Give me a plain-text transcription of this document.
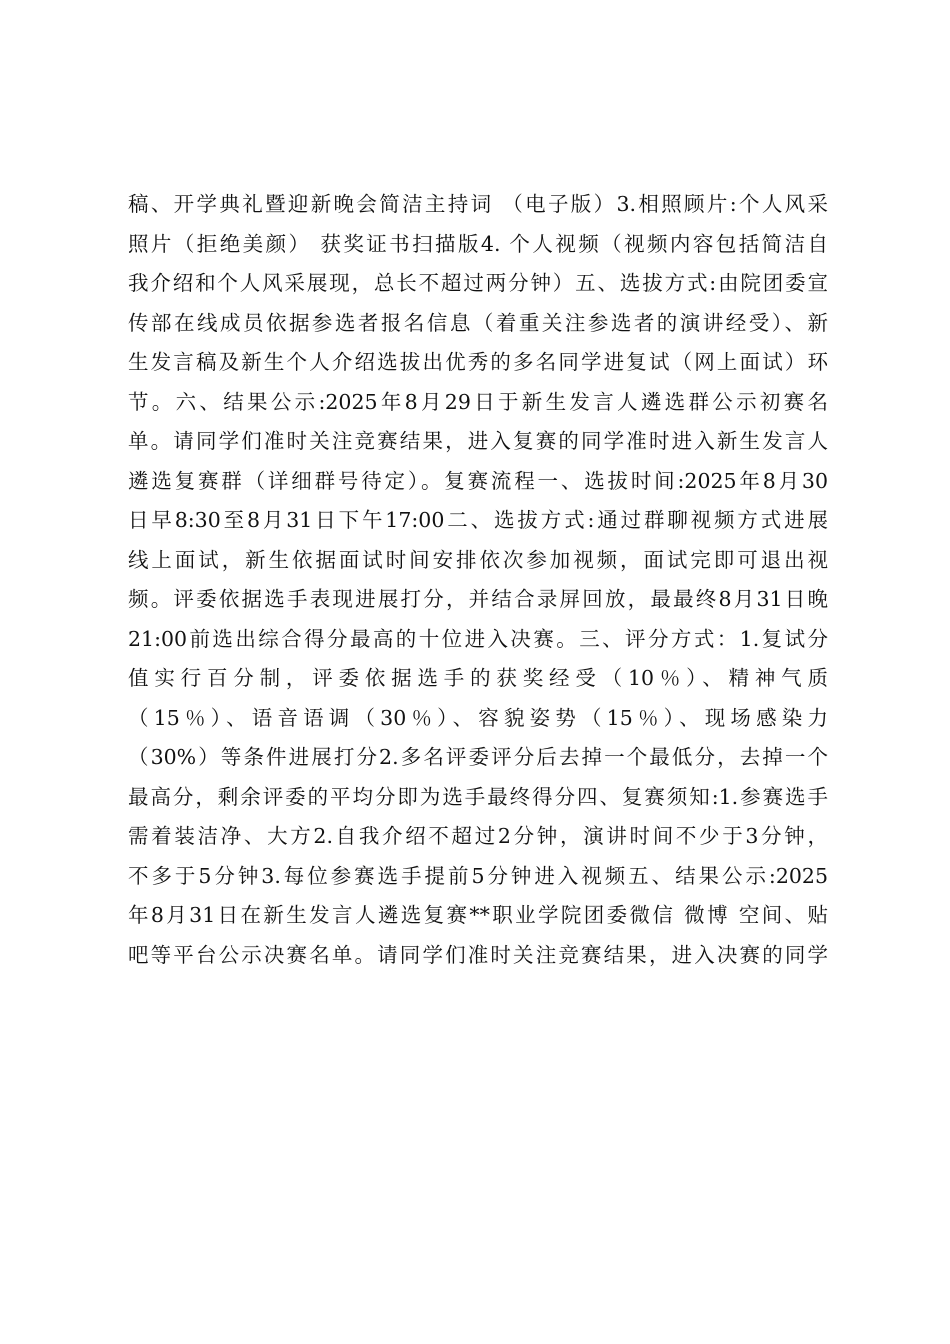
稿、开学典礼暨迎新晚会简洁主持词 （电子版）3.相照顾片:个人风采
照片（拒绝美颜） 获奖证书扫描版4. 个人视频（视频内容包括简洁自
我介绍和个人风采展现，总长不超过两分钟）五、选拔方式:由院团委宣
传部在线成员依据参选者报名信息（着重关注参选者的演讲经受）、新
生发言稿及新生个人介绍选拔出优秀的多名同学进复试（网上面试）环
节。六、结果公示:2025年8月29日于新生发言人遴选群公示初赛名
单。请同学们准时关注竞赛结果，进入复赛的同学准时进入新生发言人
遴选复赛群（详细群号待定）。复赛流程一、选拔时间:2025年8月30
日早8:30至8月31日下午17:00二、选拔方式:通过群聊视频方式进展
线上面试，新生依据面试时间安排依次参加视频，面试完即可退出视
频。评委依据选手表现进展打分，并结合录屏回放，最最终8月31日晚
21:00前选出综合得分最高的十位进入决赛。三、评分方式：1.复试分
值实行百分制，评委依据选手的获奖经受（10％）、精神气质
（15％）、语音语调（30％）、容貌姿势（15％）、现场感染力
（30%）等条件进展打分2.多名评委评分后去掉一个最低分，去掉一个
最高分，剩余评委的平均分即为选手最终得分四、复赛须知:1.参赛选手
需着装洁净、大方2.自我介绍不超过2分钟，演讲时间不少于3分钟，
不多于5分钟3.每位参赛选手提前5分钟进入视频五、结果公示:2025
年8月31日在新生发言人遴选复赛**职业学院团委微信 微博 空间、贴
吧等平台公示决赛名单。请同学们准时关注竞赛结果，进入决赛的同学
